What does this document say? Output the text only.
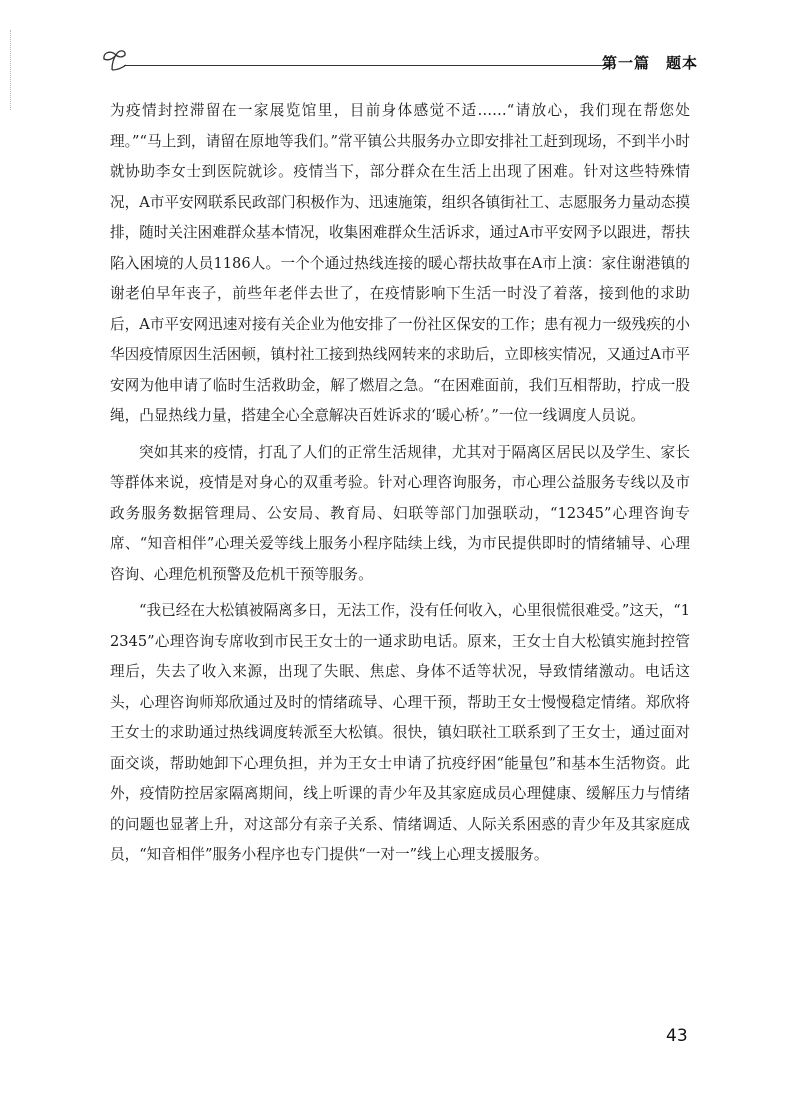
第一篇　题本

为疫情封控滞留在一家展览馆里，目前身体感觉不适……“请放心，我们现在帮您处理。”“马上到，请留在原地等我们。”常平镇公共服务办立即安排社工赶到现场，不到半小时就协助李女士到医院就诊。疫情当下，部分群众在生活上出现了困难。针对这些特殊情况，A市平安网联系民政部门积极作为、迅速施策，组织各镇街社工、志愿服务力量动态摸排，随时关注困难群众基本情况，收集困难群众生活诉求，通过A市平安网予以跟进，帮扶陷入困境的人员1186人。一个个通过热线连接的暖心帮扶故事在A市上演：家住谢港镇的谢老伯早年丧子，前些年老伴去世了，在疫情影响下生活一时没了着落，接到他的求助后，A市平安网迅速对接有关企业为他安排了一份社区保安的工作；患有视力一级残疾的小华因疫情原因生活困顿，镇村社工接到热线网转来的求助后，立即核实情况，又通过A市平安网为他申请了临时生活救助金，解了燃眉之急。“在困难面前，我们互相帮助，拧成一股绳，凸显热线力量，搭建全心全意解决百姓诉求的‘暖心桥’。”一位一线调度人员说。

突如其来的疫情，打乱了人们的正常生活规律，尤其对于隔离区居民以及学生、家长等群体来说，疫情是对身心的双重考验。针对心理咨询服务，市心理公益服务专线以及市政务服务数据管理局、公安局、教育局、妇联等部门加强联动，“12345”心理咨询专席、“知音相伴”心理关爱等线上服务小程序陆续上线，为市民提供即时的情绪辅导、心理咨询、心理危机预警及危机干预等服务。

“我已经在大松镇被隔离多日，无法工作，没有任何收入，心里很慌很难受。”这天，“12345”心理咨询专席收到市民王女士的一通求助电话。原来，王女士自大松镇实施封控管理后，失去了收入来源，出现了失眠、焦虑、身体不适等状况，导致情绪激动。电话这头，心理咨询师郑欣通过及时的情绪疏导、心理干预，帮助王女士慢慢稳定情绪。郑欣将王女士的求助通过热线调度转派至大松镇。很快，镇妇联社工联系到了王女士，通过面对面交谈，帮助她卸下心理负担，并为王女士申请了抗疫纾困“能量包”和基本生活物资。此外，疫情防控居家隔离期间，线上听课的青少年及其家庭成员心理健康、缓解压力与情绪的问题也显著上升，对这部分有亲子关系、情绪调适、人际关系困惑的青少年及其家庭成员，“知音相伴”服务小程序也专门提供“一对一”线上心理支援服务。

43
